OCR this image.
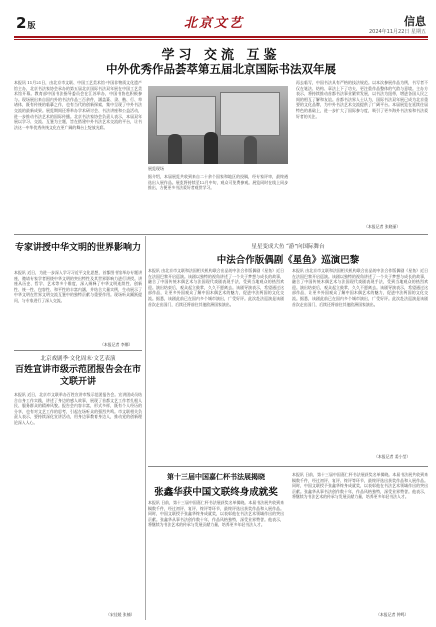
2版	北京文艺	信息
2024年11月22日 星期五
学习 交流 互鉴
中外优秀作品荟萃第五届北京国际书法双年展
本报讯 11月21日，由北京市文联、中国工艺美术馆·中国非物质文化遗产馆主办，北京书法家协会承办的第五届北京国际书法双年展在中国工艺美术馆开幕。教育部中国书法指导委员会在江苏举办，中国书协也积极参与。现场展出来自国内外的书法作品三百余件，涵盖篆、隶、楷、行、草诸体，既有传统的临摹之作，也有当代的创新探索，集中呈现了中外书法交流的最新成果。展览期间还将举办学术研讨会、书法讲座和公益活动，进一步推动书法艺术的国际传播。北京书法家协会负责人表示，本届双年展以学习、交流、互鉴为主题，旨在搭建中外书法艺术交流的平台，让书法这一中华优秀传统文化在更广阔的舞台上绽放光彩。
展览现场
据介绍，本届展览共收到来自二十余个国家和地区的投稿，经专家评审，最终遴选出入展作品。展览将持续至12月中旬，观众可免费参观。展览同时在线上同步推出，方便更多书法爱好者观赏学习。
再去临写，中国书法具有严格的技法规范。以本次参展作品为例，书写者不仅在笔法、结构、章法上下了功夫，更注重作品整体的气韵与意境。主办方表示，将持续推动首都书法事业繁荣发展，以书法为纽带，增进各国人民之间的相互了解和友谊。首都书法界人士认为，国际书法双年展已成为北京重要的文化品牌，为中外书法艺术交流提供了广阔平台。本届展览在延续往届特色的基础上，进一步扩大了国际参与度，吸引了更多海外书法家和书法爱好者的关注。
（本报记者 张晓丽）
专家讲授中华文明的世界影响力
本报讯 近日，为进一步深入学习习近平文化思想，首都图书馆举办专题讲座，邀请专家学者围绕中华文明的突出特性及其世界影响力进行讲授。讲座从历史、哲学、艺术等多个维度，深入阐释了中华文明连续性、创新性、统一性、包容性、和平性的丰富内涵，并结合大量实例，生动展示了中华文明在世界文明交流互鉴中的独特贡献与重要作用。现场听众踊跃提问，与专家进行了深入交流。
（本报记者 李娜）
北京戏剧季·文化周末·文艺表演
百姓宣讲市级示范团报告会在市文联开讲
本报讯 近日，北京市文联举办百姓宣讲市级示范团报告会。宣讲团成员结合自身工作实践，讲述了身边的感人故事，展现了首都文艺工作者扎根人民、服务群众的精神风貌。报告会内容丰富，形式多样，既有个人经历的分享，也有对文艺工作的思考，引起在场听众的强烈共鸣。市文联相关负责人表示，要持续深化宣讲活动，用身边事教育身边人，推动党的创新理论深入人心。
（宋佳媛 张楠）
星星变成大鱼 “游”向国际舞台
中法合作版偶剧《星鱼》巡演巴黎
本报讯 由北京市文联和法国相关机构联合出品的中法合作版偶剧《星鱼》近日在法国巴黎开启巡演。该剧以独特的视角讲述了一个关于梦想与成长的故事，融合了中国传统木偶艺术与法国现代戏剧表现手法，受到当地观众的热烈欢迎。演出结束后，观众起立鼓掌，久久不愿离去。该剧导演表示，希望通过这部作品，让更多外国观众了解中国木偶艺术的魅力，促进中法两国的文化交流。据悉，该剧此前已在国内多个城市演出，广受好评。此次赴法巡演是该剧首次走出国门，后续还将前往其他欧洲国家演出。
本报讯 由北京市文联和法国相关机构联合出品的中法合作版偶剧《星鱼》近日在法国巴黎开启巡演。该剧以独特的视角讲述了一个关于梦想与成长的故事，融合了中国传统木偶艺术与法国现代戏剧表现手法，受到当地观众的热烈欢迎。演出结束后，观众起立鼓掌，久久不愿离去。该剧导演表示，希望通过这部作品，让更多外国观众了解中国木偶艺术的魅力，促进中法两国的文化交流。据悉，该剧此前已在国内多个城市演出，广受好评。此次赴法巡演是该剧首次走出国门，后续还将前往其他欧洲国家演出。
（本报记者 姜小莹）
第十三届中国嘉仁杯书法展揭晓
张鑫华获中国文联终身成就奖
本报讯 日前，第十三届中国嘉仁杯书法展获奖名单揭晓。本届书法展共收到来稿数千件，经过初评、复评、终评等环节，最终评选出获奖作品和入展作品。同时，中国文联授予张鑫华终身成就奖，以表彰他在书法艺术领域作出的突出贡献。张鑫华从事书法创作数十年，作品风格独特，深受业界赞誉。他表示，将继续为书法艺术的传承与发展贡献力量，培养更多年轻书法人才。
本报讯 日前，第十三届中国嘉仁杯书法展获奖名单揭晓。本届书法展共收到来稿数千件，经过初评、复评、终评等环节，最终评选出获奖作品和入展作品。同时，中国文联授予张鑫华终身成就奖，以表彰他在书法艺术领域作出的突出贡献。张鑫华从事书法创作数十年，作品风格独特，深受业界赞誉。他表示，将继续为书法艺术的传承与发展贡献力量，培养更多年轻书法人才。
（本报记者 钟鸣）
